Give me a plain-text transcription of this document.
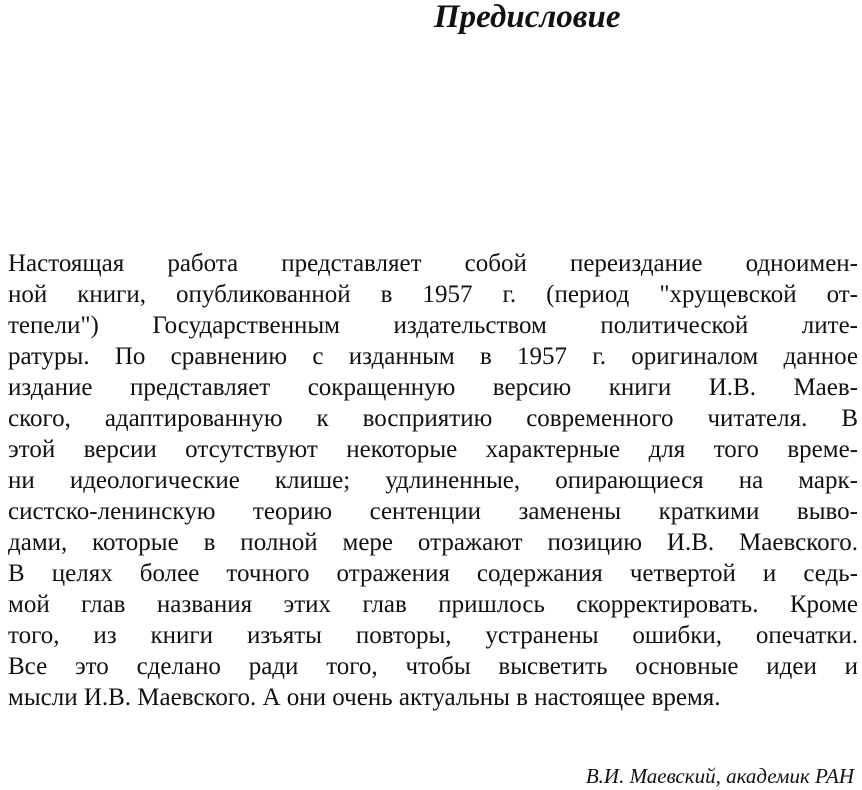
Предисловие
Настоящая работа представляет собой переиздание одноимен-
ной книги, опубликованной в 1957 г. (период "хрущевской от-
тепели") Государственным издательством политической лите-
ратуры. По сравнению с изданным в 1957 г. оригиналом данное
издание представляет сокращенную версию книги И.В. Маев-
ского, адаптированную к восприятию современного читателя. В
этой версии отсутствуют некоторые характерные для того време-
ни идеологические клише; удлиненные, опирающиеся на марк-
систско-ленинскую теорию сентенции заменены краткими выво-
дами, которые в полной мере отражают позицию И.В. Маевского.
В целях более точного отражения содержания четвертой и седь-
мой глав названия этих глав пришлось скорректировать. Кроме
того, из книги изъяты повторы, устранены ошибки, опечатки.
Все это сделано ради того, чтобы высветить основные идеи и
мысли И.В. Маевского. А они очень актуальны в настоящее время.
В.И. Маевский, академик РАН
